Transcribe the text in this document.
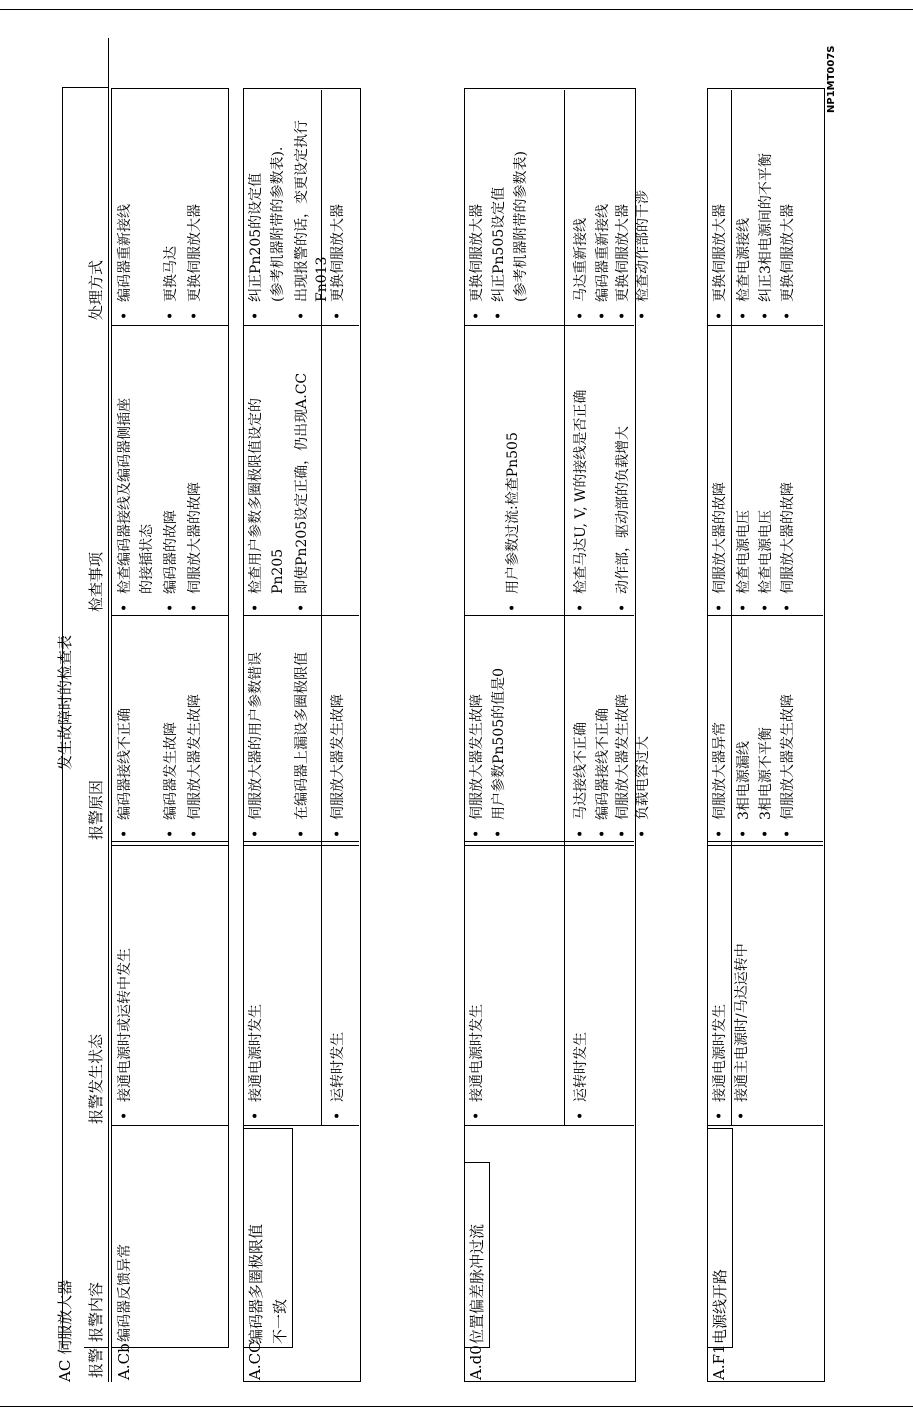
AC 伺服放大器
发生故障时的检查表
NP1MT007S
报警
报警内容
报警发生状态
报警原因
检查事项
处理方式
A.Cb
编码器反馈异常
•接通电源时或运转中发生
•编码器接线不正确
•编码器发生故障
•伺服放大器发生故障
•检查编码器接线及编码器侧插座 的接插状态
•编码器的故障
•伺服放大器的故障
•编码器重新接线
•更换马达
•更换伺服放大器
A.CC
编码器多圈极限值 不一致
•接通电源时发生
•运转时发生
•伺服放大器的用户参数错误
•在编码器上漏设多圈极限值
•伺服放大器发生故障
•检查用户参数多圈极限值设定的 Pn205
•即使Pn205设定正确，仍出现A.CC
•纠正Pn205的设定值 (参考机器附带的参数表).
•出现报警的话，变更设定执行 Fn013
•更换伺服放大器
A.d0
位置偏差脉冲过流
•接通电源时发生
•运转时发生
•伺服放大器发生故障
•用户参数Pn505的值是0
•马达接线不正确
•编码器接线不正确
•伺服放大器发生故障
•负载电容过大
•用户参数过流:检查Pn505
•检查马达U, V, W的接线是否正确
•动作部，驱动部的负载增大
•更换伺服放大器
•纠正Pn505设定值 (参考机器附带的参数表)
•马达重新接线
•编码器重新接线
•更换伺服放大器
•检查动作部的干涉
A.F1
电源线开路
•接通电源时发生
•接通主电源时/马达运转中
•伺服放大器异常
•3相电源漏线
•3相电源不平衡
•伺服放大器发生故障
•伺服放大器的故障
•检查电源电压
•检查电源电压
•伺服放大器的故障
•更换伺服放大器
•检查电源接线
•纠正3相电源间的不平衡
•更换伺服放大器
